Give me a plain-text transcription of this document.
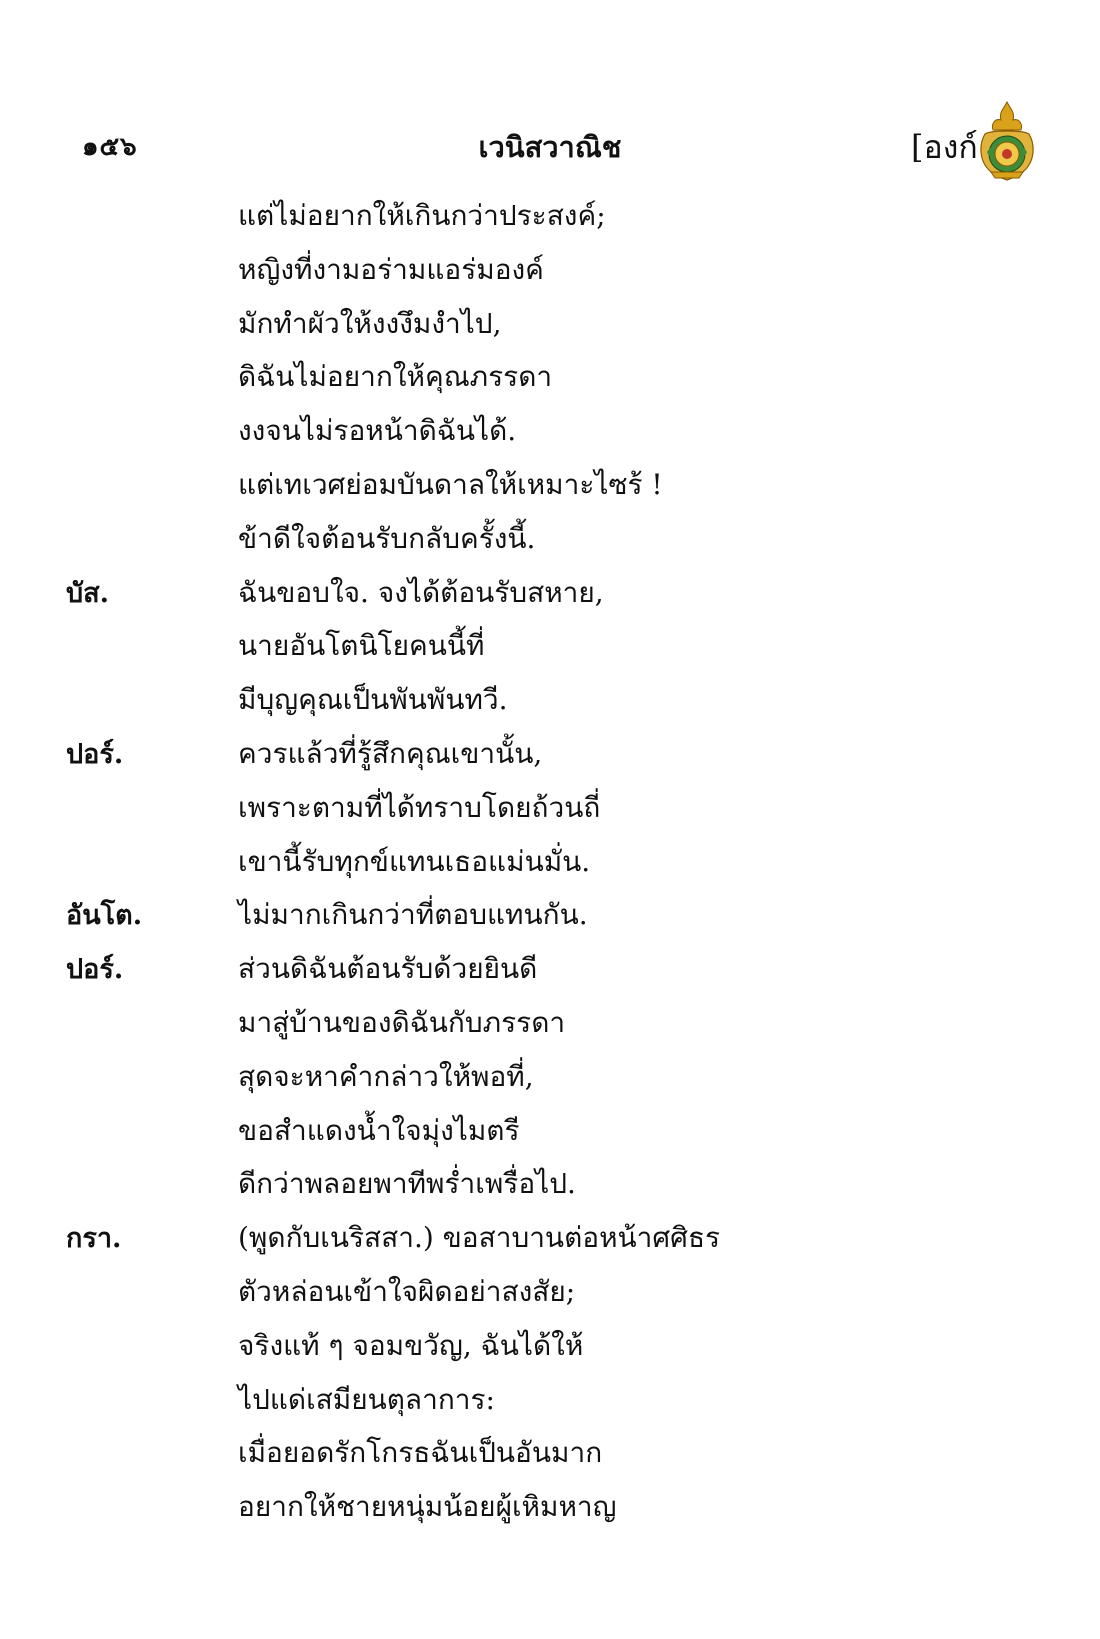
๑๕๖	เวนิสวาณิช	[องก์
แต่ไม่อยากให้เกินกว่าประสงค์;
หญิงที่งามอร่ามแอร่มองค์
มักทำผัวให้งงงึมงำไป,
ดิฉันไม่อยากให้คุณภรรดา
งงจนไม่รอหน้าดิฉันได้.
แต่เทเวศย่อมบันดาลให้เหมาะไซร้ !
ข้าดีใจต้อนรับกลับครั้งนี้.
บัส.	ฉันขอบใจ. จงได้ต้อนรับสหาย,
นายอันโตนิโยคนนี้ที่
มีบุญคุณเป็นพันพันทวี.
ปอร์.	ควรแล้วที่รู้สึกคุณเขานั้น,
เพราะตามที่ได้ทราบโดยถ้วนถี่
เขานี้รับทุกข์แทนเธอแม่นมั่น.
อันโต.	ไม่มากเกินกว่าที่ตอบแทนกัน.
ปอร์.	ส่วนดิฉันต้อนรับด้วยยินดี
มาสู่บ้านของดิฉันกับภรรดา
สุดจะหาคำกล่าวให้พอที่,
ขอสำแดงน้ำใจมุ่งไมตรี
ดีกว่าพลอยพาทีพร่ำเพรื่อไป.
กรา.	(พูดกับเนริสสา.) ขอสาบานต่อหน้าศศิธร
ตัวหล่อนเข้าใจผิดอย่าสงสัย;
จริงแท้ ๆ จอมขวัญ, ฉันได้ให้
ไปแด่เสมียนตุลาการ:
เมื่อยอดรักโกรธฉันเป็นอันมาก
อยากให้ชายหนุ่มน้อยผู้เหิมหาญ
